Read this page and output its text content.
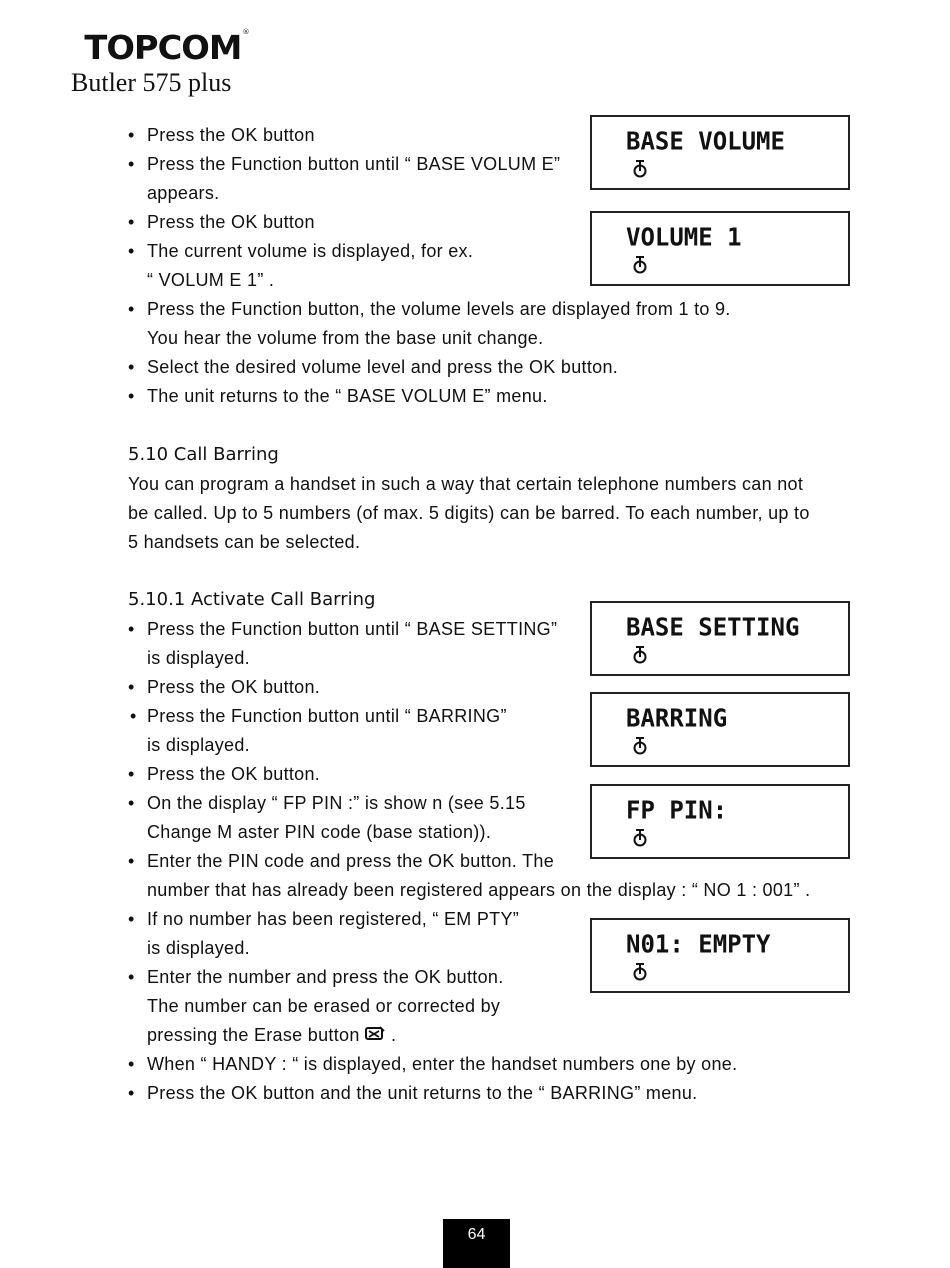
TOPCOM®
Butler 575 plus
• Press the OK button
• Press the Function button until “ BASE VOLUM E”
appears.
• Press the OK button
• The current volume is displayed, for ex.
“ VOLUM E 1” .
• Press the Function button, the volume levels are displayed from 1 to 9.
You hear the volume from the base unit change.
• Select the desired volume level and press the OK button.
• The unit returns to the “ BASE VOLUM E” menu.
5.10 Call Barring
You can program a handset in such a way that certain telephone numbers can not
be called. Up to 5 numbers (of max. 5 digits) can be barred. To each number, up to
5 handsets can be selected.
5.10.1 Activate Call Barring
• Press the Function button until “ BASE SETTING”
is displayed.
• Press the OK button.
• Press the Function button until “ BARRING”
is displayed.
• Press the OK button.
• On the display “ FP PIN :” is show n (see 5.15
Change M aster PIN code (base station)).
• Enter the PIN code and press the OK button. The
number that has already been registered appears on the display : “ NO 1 : 001” .
• If no number has been registered, “ EM PTY”
is displayed.
• Enter the number and press the OK button.
The number can be erased or corrected by
pressing the Erase button .
• When “ HANDY : “ is displayed, enter the handset numbers one by one.
• Press the OK button and the unit returns to the “ BARRING” menu.
BASE VOLUME
VOLUME 1
BASE SETTING
BARRING
FP PIN:
N01: EMPTY
64
